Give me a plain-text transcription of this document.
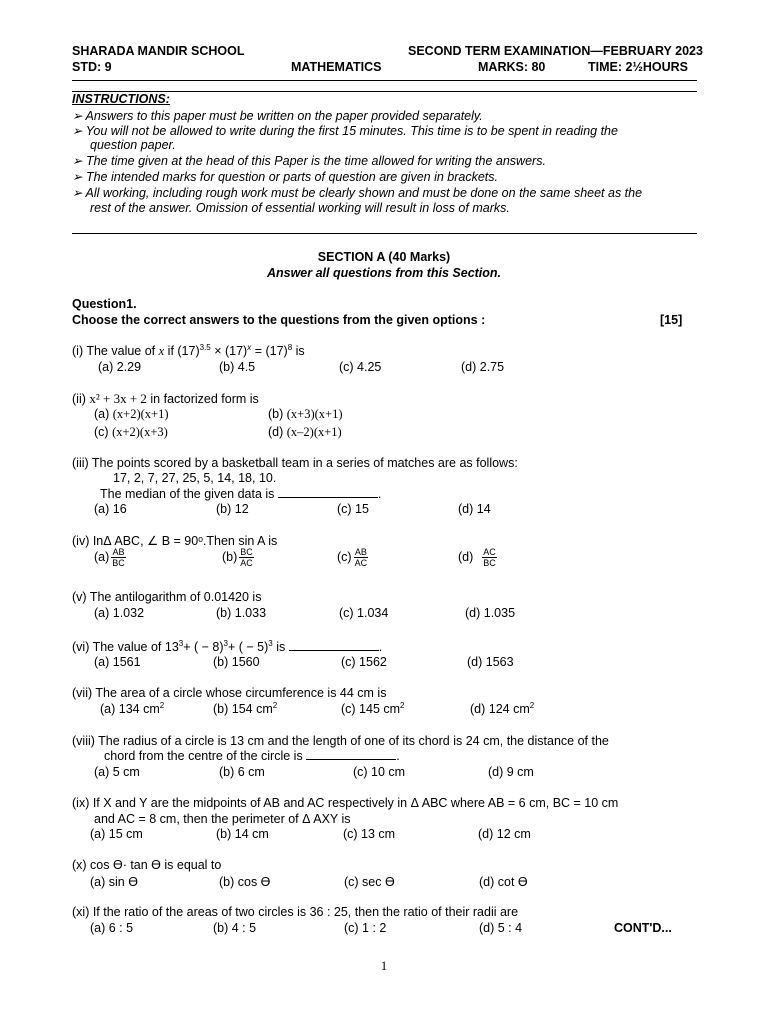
SHARADA MANDIR SCHOOL	SECOND TERM EXAMINATION—FEBRUARY 2023
STD: 9	MATHEMATICS	MARKS: 80	TIME: 2½HOURS
INSTRUCTIONS:
➢ Answers to this paper must be written on the paper provided separately.
➢ You will not be allowed to write during the first 15 minutes. This time is to be spent in reading the
question paper.
➢ The time given at the head of this Paper is the time allowed for writing the answers.
➢ The intended marks for question or parts of question are given in brackets.
➢ All working, including rough work must be clearly shown and must be done on the same sheet as the
rest of the answer. Omission of essential working will result in loss of marks.
SECTION A (40 Marks)
Answer all questions from this Section.
Question1.
Choose the correct answers to the questions from the given options :	[15]
(i) The value of x if $(17)^{3.5} \times (17)^x = (17)^8$ is
(a) 2.29	(b) 4.5	(c) 4.25	(d) 2.75
(ii) x² + 3x + 2 in factorized form is
(a) (x+2)(x+1)	(b) (x+3)(x+1)
(c) (x+2)(x+3)	(d) (x–2)(x+1)
(iii) The points scored by a basketball team in a series of matches are as follows:
17, 2, 7, 27, 25, 5, 14, 18, 10.
The median of the given data is	.
(a) 16	(b) 12	(c) 15	(d) 14
(iv) InΔ ABC, ∠ B = 90ᵒ.Then sin A is
$(a) \frac{AB}{BC}$	$(b) \frac{BC}{AC}$	$(c) \frac{AB}{AC}$	$(d) \frac{AC}{BC}$
(v) The antilogarithm of 0.01420 is
(a) 1.032	(b) 1.033	(c) 1.034	(d) 1.035
(vi) The value of $13^3+$ ( − 8)$^3$+ ( − 5)$^3$ is	.
(a) 1561	(b) 1560	(c) 1562	(d) 1563
(vii) The area of a circle whose circumference is 44 cm is
(a) 134 $cm^2$	(b) 154 $cm^2$	(c) 145 $cm^2$	(d) 124 $cm^2$
(viii) The radius of a circle is 13 cm and the length of one of its chord is 24 cm, the distance of the
chord from the centre of the circle is	.
(a) 5 cm	(b) 6 cm	(c) 10 cm	(d) 9 cm
(ix) If X and Y are the midpoints of AB and AC respectively in Δ ABC where AB = 6 cm, BC = 10 cm
and AC = 8 cm, then the perimeter of Δ AXY is
(a) 15 cm	(b) 14 cm	(c) 13 cm	(d) 12 cm
(x) cos ϴ· tan ϴ is equal to
(a) sin ϴ	(b) cos ϴ	(c) sec ϴ	(d) cot ϴ
(xi) If the ratio of the areas of two circles is 36 : 25, then the ratio of their radii are
(a) 6 : 5	(b) 4 : 5	(c) 1 : 2	(d) 5 : 4	CONT'D...
1
